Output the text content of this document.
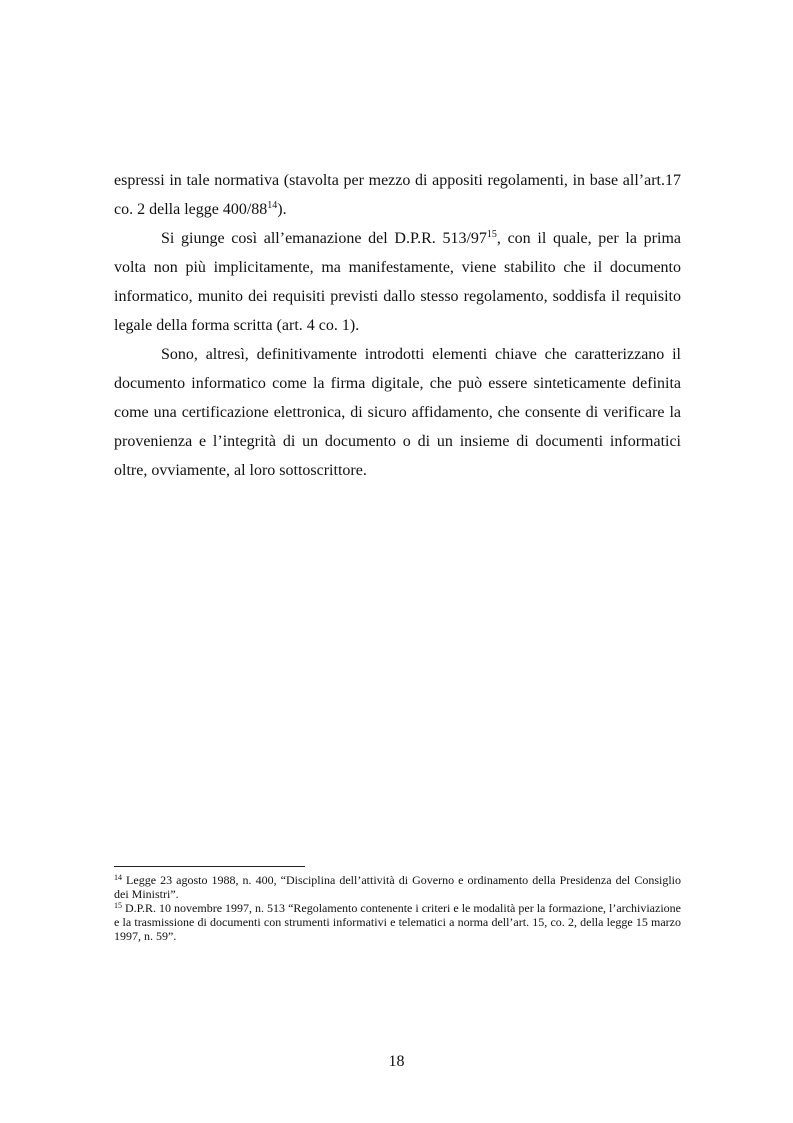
espressi in tale normativa (stavolta per mezzo di appositi regolamenti, in base all’art.17 co. 2 della legge $400/88^{14}$).

Si giunge così all’emanazione del D.P.R. $513/97^{15}$, con il quale, per la prima volta non più implicitamente, ma manifestamente, viene stabilito che il documento informatico, munito dei requisiti previsti dallo stesso regolamento, soddisfa il requisito legale della forma scritta (art. 4 co. 1).

Sono, altresì, definitivamente introdotti elementi chiave che caratterizzano il documento informatico come la firma digitale, che può essere sinteticamente definita come una certificazione elettronica, di sicuro affidamento, che consente di verificare la provenienza e l’integrità di un documento o di un insieme di documenti informatici oltre, ovviamente, al loro sottoscrittore.

$^{14}$ Legge 23 agosto 1988, n. 400, “Disciplina dell’attività di Governo e ordinamento della Presidenza del Consiglio dei Ministri”.

$^{15}$ D.P.R. 10 novembre 1997, n. 513 “Regolamento contenente i criteri e le modalità per la formazione, l’archiviazione e la trasmissione di documenti con strumenti informativi e telematici a norma dell’art. 15, co. 2, della legge 15 marzo 1997, n. 59”.

18
